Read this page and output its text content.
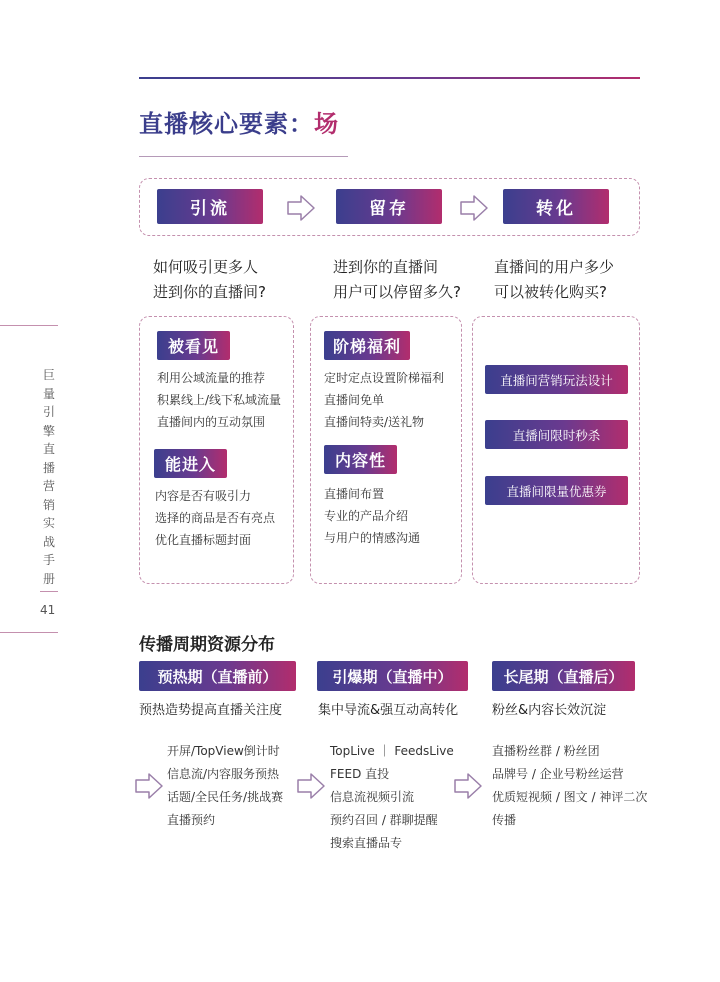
直播核心要素：场
巨
量
引
擎
直
播
营
销
实
战
手
册
41
引流	留存	转化
如何吸引更多人
进到你的直播间?
进到你的直播间
用户可以停留多久?
直播间的用户多少
可以被转化购买?
被看见
利用公域流量的推荐
积累线上/线下私域流量
直播间内的互动氛围
能进入
内容是否有吸引力
选择的商品是否有亮点
优化直播标题封面
阶梯福利
定时定点设置阶梯福利
直播间免单
直播间特卖/送礼物
内容性
直播间布置
专业的产品介绍
与用户的情感沟通
直播间营销玩法设计
直播间限时秒杀
直播间限量优惠券
传播周期资源分布
预热期（直播前）	引爆期（直播中）	长尾期（直播后）
预热造势提高直播关注度	集中导流&强互动高转化	粉丝&内容长效沉淀
开屏/TopView倒计时
信息流/内容服务预热
话题/全民任务/挑战赛
直播预约
TopLive ｜ FeedsLive
FEED 直投
信息流视频引流
预约召回 / 群聊提醒
搜索直播品专
直播粉丝群 / 粉丝团
品牌号 / 企业号粉丝运营
优质短视频 / 图文 / 神评二次
传播
